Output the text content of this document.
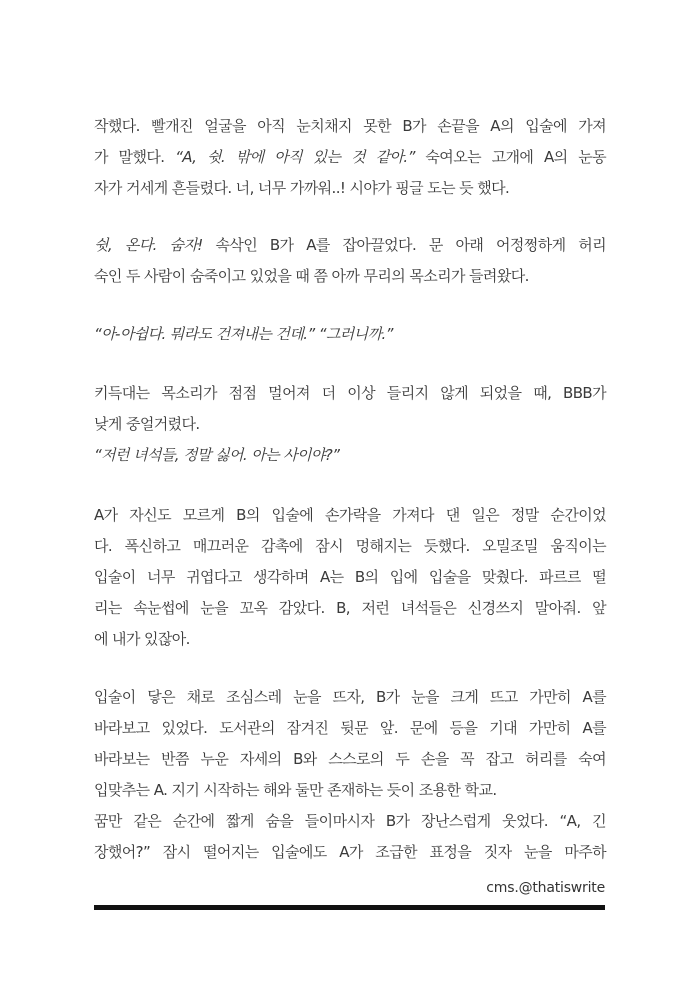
작했다. 빨개진 얼굴을 아직 눈치채지 못한 B가 손끝을 A의 입술에 가져
가 말했다. “A, 쉿. 밖에 아직 있는 것 같아.” 숙여오는 고개에 A의 눈동
자가 거세게 흔들렸다. 너, 너무 가까워..! 시야가 핑글 도는 듯 했다.
쉿, 온다. 숨자! 속삭인 B가 A를 잡아끌었다. 문 아래 어정쩡하게 허리
숙인 두 사람이 숨죽이고 있었을 때 쯤 아까 무리의 목소리가 들려왔다.
“아-아쉽다. 뭐라도 건져내는 건데.” “그러니까.”
키득대는 목소리가 점점 멀어져 더 이상 들리지 않게 되었을 때, BBB가
낮게 중얼거렸다.
“저런 녀석들, 정말 싫어. 아는 사이야?”
A가 자신도 모르게 B의 입술에 손가락을 가져다 댄 일은 정말 순간이었
다. 폭신하고 매끄러운 감촉에 잠시 멍해지는 듯했다. 오밀조밀 움직이는
입술이 너무 귀엽다고 생각하며 A는 B의 입에 입술을 맞췄다. 파르르 떨
리는 속눈썹에 눈을 꼬옥 감았다. B, 저런 녀석들은 신경쓰지 말아줘. 앞
에 내가 있잖아.
입술이 닿은 채로 조심스레 눈을 뜨자, B가 눈을 크게 뜨고 가만히 A를
바라보고 있었다. 도서관의 잠겨진 뒷문 앞. 문에 등을 기대 가만히 A를
바라보는 반쯤 누운 자세의 B와 스스로의 두 손을 꼭 잡고 허리를 숙여
입맞추는 A. 지기 시작하는 해와 둘만 존재하는 듯이 조용한 학교.
꿈만 같은 순간에 짧게 숨을 들이마시자 B가 장난스럽게 웃었다. “A, 긴
장했어?” 잠시 떨어지는 입술에도 A가 조급한 표정을 짓자 눈을 마주하
cms.@thatiswrite
